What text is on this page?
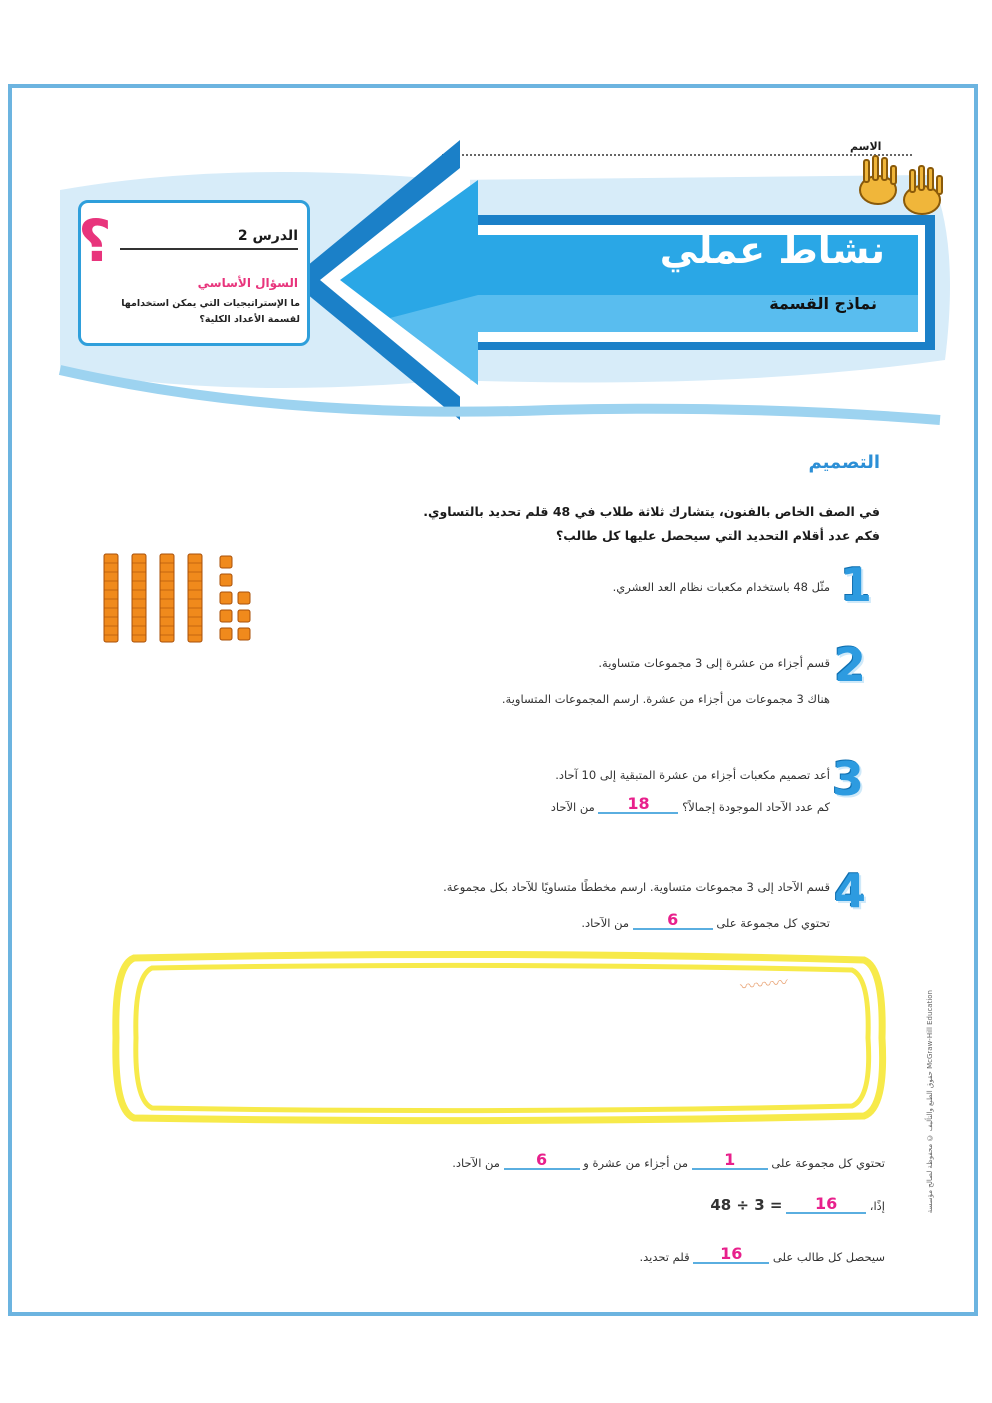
الاسم
نشاط عملي
نماذج القسمة
؟	الدرس 2
السؤال الأساسي
ما الإستراتيجيات التي يمكن استخدامها لقسمة الأعداد الكلية؟
التصميم
في الصف الخاص بالفنون، يتشارك ثلاثة طلاب في 48 قلم تحديد بالتساوي.
فكم عدد أقلام التحديد التي سيحصل عليها كل طالب؟
1
مثّل 48 باستخدام مكعبات نظام العد العشري.
2
قسم أجزاء من عشرة إلى 3 مجموعات متساوية.
هناك 3 مجموعات من أجزاء من عشرة. ارسم المجموعات المتساوية.
3
أعد تصميم مكعبات أجزاء من عشرة المتبقية إلى 10 آحاد.
كم عدد الآحاد الموجودة إجمالاً؟ 18 من الآحاد
4
قسم الآحاد إلى 3 مجموعات متساوية. ارسم مخططًا متساويًا للآحاد بكل مجموعة.
تحتوي كل مجموعة على 6 من الآحاد.
〰〰〰
تحتوي كل مجموعة على 1 من أجزاء من عشرة و 6 من الآحاد.
إذًا، 16 48 ÷ 3 =
سيحصل كل طالب على 16 قلم تحديد.
حقوق الطبع والتأليف © محفوظة لصالح مؤسسة McGraw-Hill Education
